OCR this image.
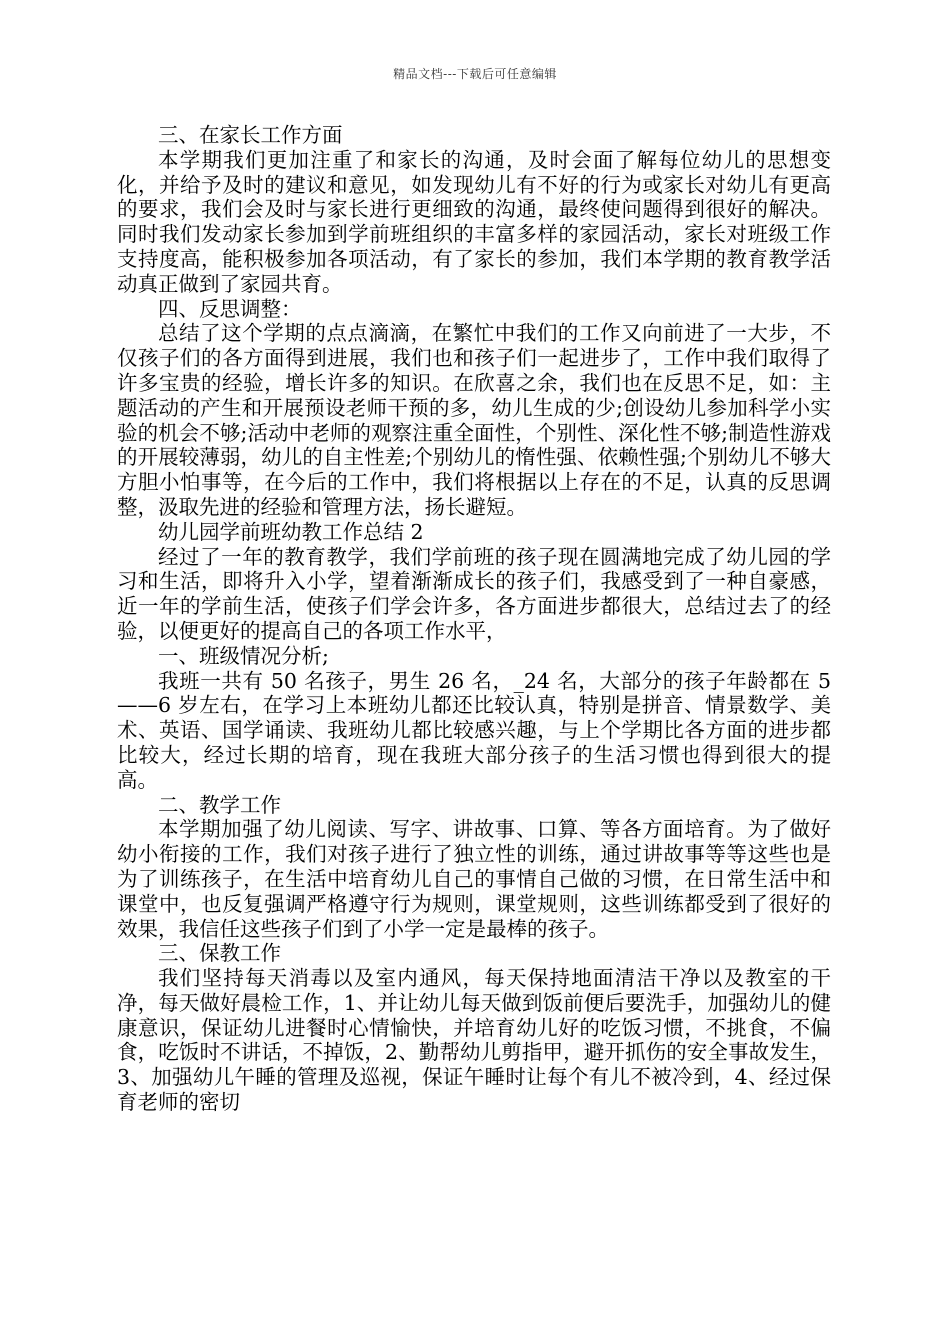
精品文档---下载后可任意编辑

三、在家长工作方面

本学期我们更加注重了和家长的沟通，及时会面了解每位幼儿的思想变化，并给予及时的建议和意见，如发现幼儿有不好的行为或家长对幼儿有更高的要求，我们会及时与家长进行更细致的沟通，最终使问题得到很好的解决。同时我们发动家长参加到学前班组织的丰富多样的家园活动，家长对班级工作支持度高，能积极参加各项活动，有了家长的参加，我们本学期的教育教学活动真正做到了家园共育。

四、反思调整：

总结了这个学期的点点滴滴，在繁忙中我们的工作又向前进了一大步，不仅孩子们的各方面得到进展，我们也和孩子们一起进步了，工作中我们取得了许多宝贵的经验，增长许多的知识。在欣喜之余，我们也在反思不足，如：主题活动的产生和开展预设老师干预的多，幼儿生成的少;创设幼儿参加科学小实验的机会不够;活动中老师的观察注重全面性，个别性、深化性不够;制造性游戏的开展较薄弱，幼儿的自主性差;个别幼儿的惰性强、依赖性强;个别幼儿不够大方胆小怕事等，在今后的工作中，我们将根据以上存在的不足，认真的反思调整，汲取先进的经验和管理方法，扬长避短。

幼儿园学前班幼教工作总结 2

经过了一年的教育教学，我们学前班的孩子现在圆满地完成了幼儿园的学习和生活，即将升入小学，望着渐渐成长的孩子们，我感受到了一种自豪感，近一年的学前生活，使孩子们学会许多，各方面进步都很大，总结过去了的经验，以便更好的提高自己的各项工作水平，

一、班级情况分析;

我班一共有 50 名孩子，男生 26 名，_24 名，大部分的孩子年龄都在 5——6 岁左右，在学习上本班幼儿都还比较认真，特别是拼音、情景数学、美术、英语、国学诵读、我班幼儿都比较感兴趣，与上个学期比各方面的进步都比较大，经过长期的培育，现在我班大部分孩子的生活习惯也得到很大的提高。

二、教学工作

本学期加强了幼儿阅读、写字、讲故事、口算、等各方面培育。为了做好幼小衔接的工作，我们对孩子进行了独立性的训练，通过讲故事等等这些也是为了训练孩子，在生活中培育幼儿自己的事情自己做的习惯，在日常生活中和课堂中，也反复强调严格遵守行为规则，课堂规则，这些训练都受到了很好的效果，我信任这些孩子们到了小学一定是最棒的孩子。

三、保教工作

我们坚持每天消毒以及室内通风，每天保持地面清洁干净以及教室的干净，每天做好晨检工作，1、并让幼儿每天做到饭前便后要洗手，加强幼儿的健康意识，保证幼儿进餐时心情愉快，并培育幼儿好的吃饭习惯，不挑食，不偏食，吃饭时不讲话，不掉饭，2、勤帮幼儿剪指甲，避开抓伤的安全事故发生，3、加强幼儿午睡的管理及巡视，保证午睡时让每个有儿不被冷到，4、经过保育老师的密切
